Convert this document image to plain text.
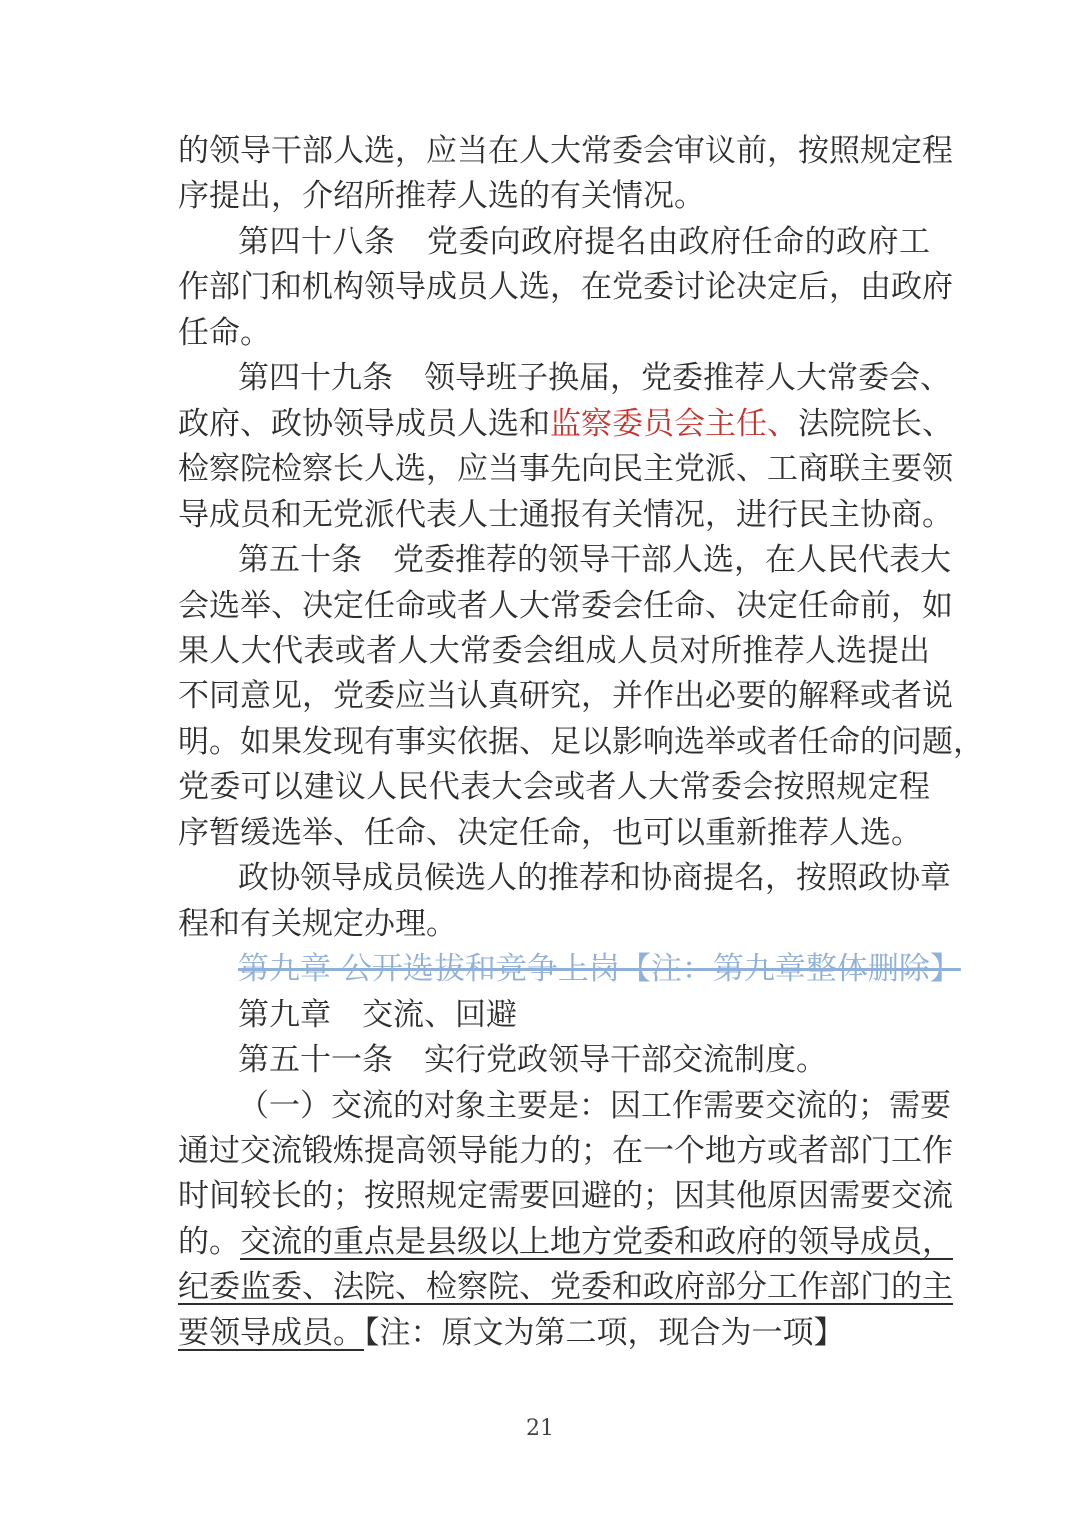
的领导干部人选，应当在人大常委会审议前，按照规定程
序提出，介绍所推荐人选的有关情况。
第四十八条　党委向政府提名由政府任命的政府工
作部门和机构领导成员人选，在党委讨论决定后，由政府
任命。
第四十九条　领导班子换届，党委推荐人大常委会、
政府、政协领导成员人选和监察委员会主任、法院院长、
检察院检察长人选，应当事先向民主党派、工商联主要领
导成员和无党派代表人士通报有关情况，进行民主协商。
第五十条　党委推荐的领导干部人选，在人民代表大
会选举、决定任命或者人大常委会任命、决定任命前，如
果人大代表或者人大常委会组成人员对所推荐人选提出
不同意见，党委应当认真研究，并作出必要的解释或者说
明。如果发现有事实依据、足以影响选举或者任命的问题，
党委可以建议人民代表大会或者人大常委会按照规定程
序暂缓选举、任命、决定任命，也可以重新推荐人选。
政协领导成员候选人的推荐和协商提名，按照政协章
程和有关规定办理。
第九章 公开选拔和竞争上岗【注：第九章整体删除】
第九章　交流、回避
第五十一条　实行党政领导干部交流制度。
（一）交流的对象主要是：因工作需要交流的；需要
通过交流锻炼提高领导能力的；在一个地方或者部门工作
时间较长的；按照规定需要回避的；因其他原因需要交流
的。交流的重点是县级以上地方党委和政府的领导成员，
纪委监委、法院、检察院、党委和政府部分工作部门的主
要领导成员。【注：原文为第二项，现合为一项】
21
